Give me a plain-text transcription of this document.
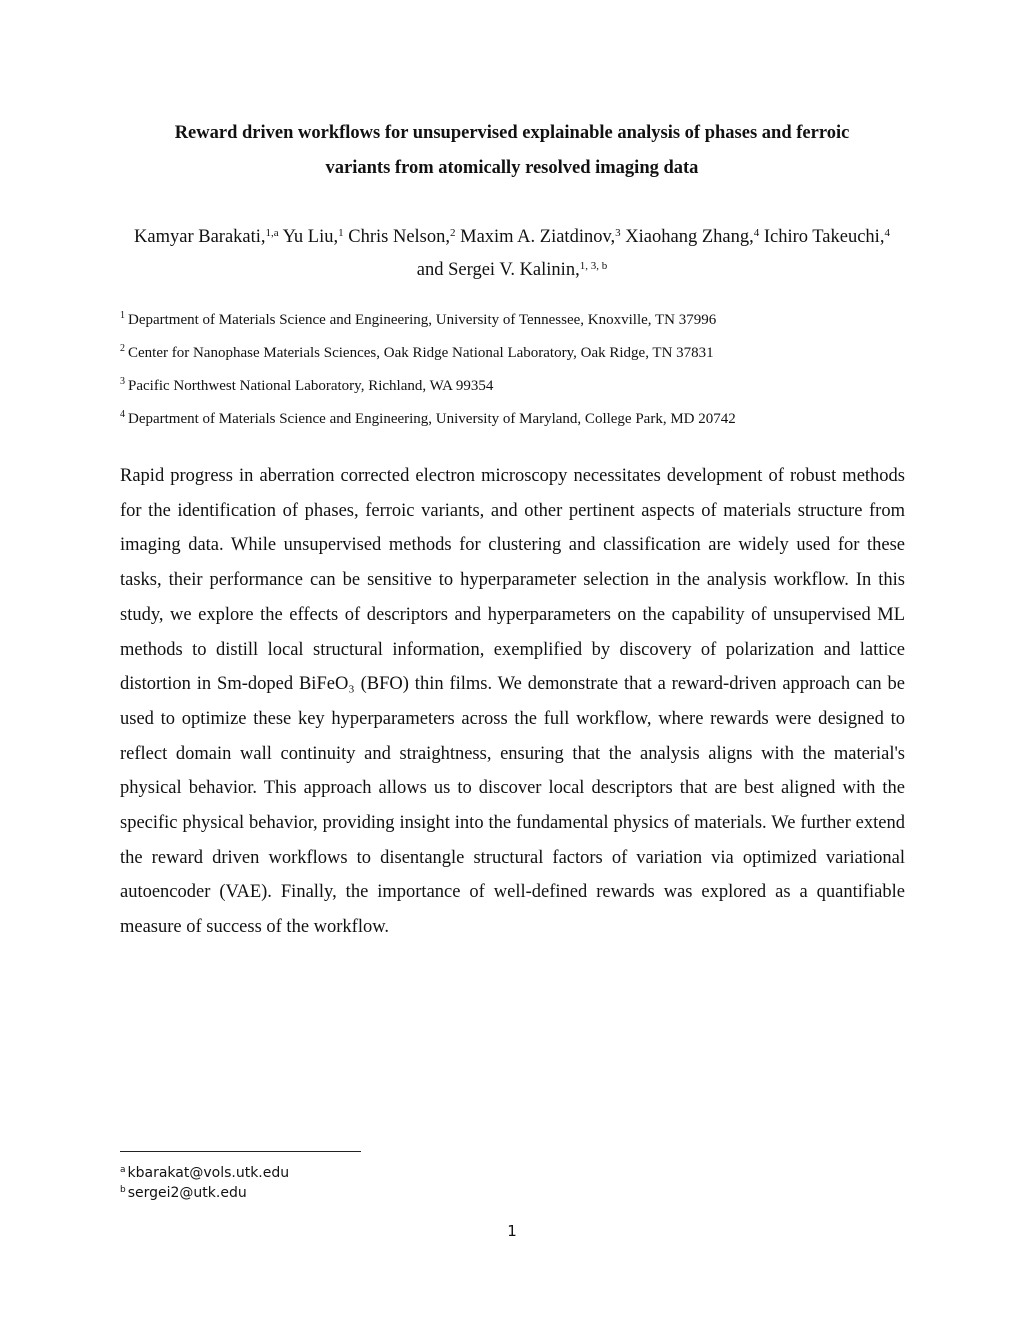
Reward driven workflows for unsupervised explainable analysis of phases and ferroic
variants from atomically resolved imaging data

Kamyar Barakati,$^{1,a}$ Yu Liu,$^1$ Chris Nelson,$^2$ Maxim A. Ziatdinov,$^3$ Xiaohang Zhang,$^4$ Ichiro Takeuchi,$^4$ and Sergei V. Kalinin,$^{1, 3, b}$

$^1$ Department of Materials Science and Engineering, University of Tennessee, Knoxville, TN 37996
$^2$ Center for Nanophase Materials Sciences, Oak Ridge National Laboratory, Oak Ridge, TN 37831
$^3$ Pacific Northwest National Laboratory, Richland, WA 99354
$^4$ Department of Materials Science and Engineering, University of Maryland, College Park, MD 20742

Rapid progress in aberration corrected electron microscopy necessitates development of robust methods for the identification of phases, ferroic variants, and other pertinent aspects of materials structure from imaging data. While unsupervised methods for clustering and classification are widely used for these tasks, their performance can be sensitive to hyperparameter selection in the analysis workflow. In this study, we explore the effects of descriptors and hyperparameters on the capability of unsupervised ML methods to distill local structural information, exemplified by discovery of polarization and lattice distortion in Sm-doped BiFeO₃ (BFO) thin films. We demonstrate that a reward-driven approach can be used to optimize these key hyperparameters across the full workflow, where rewards were designed to reflect domain wall continuity and straightness, ensuring that the analysis aligns with the material's physical behavior. This approach allows us to discover local descriptors that are best aligned with the specific physical behavior, providing insight into the fundamental physics of materials. We further extend the reward driven workflows to disentangle structural factors of variation via optimized variational autoencoder (VAE). Finally, the importance of well-defined rewards was explored as a quantifiable measure of success of the workflow.

$^a$ kbarakat@vols.utk.edu
$^b$ sergei2@utk.edu
1
